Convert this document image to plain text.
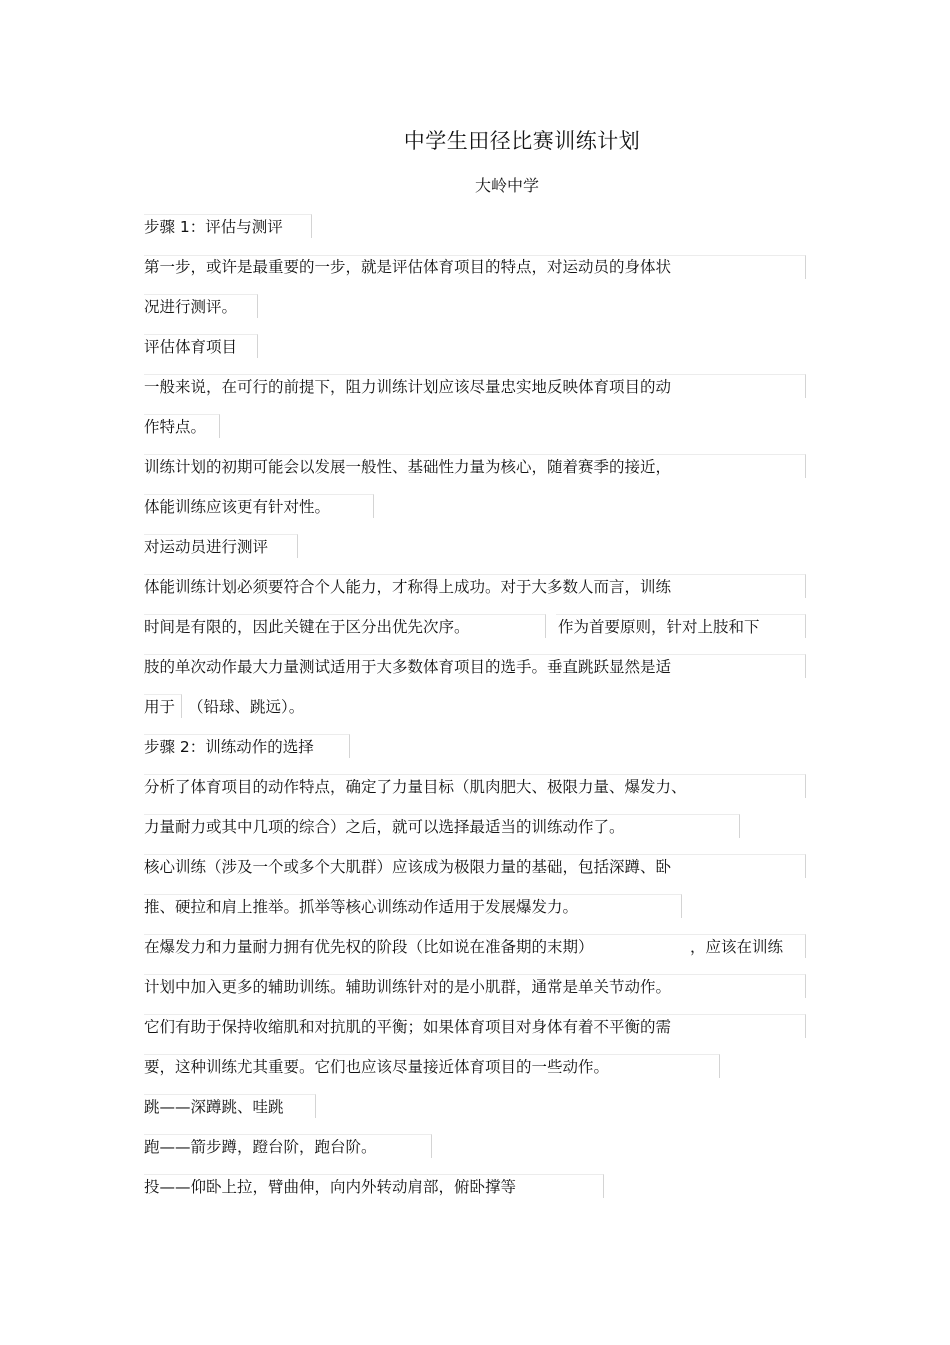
中学生田径比赛训练计划
大岭中学
步骤 1：评估与测评
第一步，或许是最重要的一步，就是评估体育项目的特点，对运动员的身体状
况进行测评。
评估体育项目
一般来说，在可行的前提下，阻力训练计划应该尽量忠实地反映体育项目的动
作特点。
训练计划的初期可能会以发展一般性、基础性力量为核心，随着赛季的接近，
体能训练应该更有针对性。
对运动员进行测评
体能训练计划必须要符合个人能力，才称得上成功。对于大多数人而言，训练
时间是有限的，因此关键在于区分出优先次序。	作为首要原则，针对上肢和下
肢的单次动作最大力量测试适用于大多数体育项目的选手。垂直跳跃显然是适
用于 （铅球、跳远）。
步骤 2：训练动作的选择
分析了体育项目的动作特点，确定了力量目标（肌肉肥大、极限力量、爆发力、
力量耐力或其中几项的综合）之后，就可以选择最适当的训练动作了。
核心训练（涉及一个或多个大肌群）应该成为极限力量的基础，包括深蹲、卧
推、硬拉和肩上推举。抓举等核心训练动作适用于发展爆发力。
在爆发力和力量耐力拥有优先权的阶段（比如说在准备期的末期）	，应该在训练
计划中加入更多的辅助训练。辅助训练针对的是小肌群，通常是单关节动作。
它们有助于保持收缩肌和对抗肌的平衡；如果体育项目对身体有着不平衡的需
要，这种训练尤其重要。它们也应该尽量接近体育项目的一些动作。
跳——深蹲跳、哇跳
跑——箭步蹲，蹬台阶，跑台阶。
投——仰卧上拉，臂曲伸，向内外转动肩部，俯卧撑等
